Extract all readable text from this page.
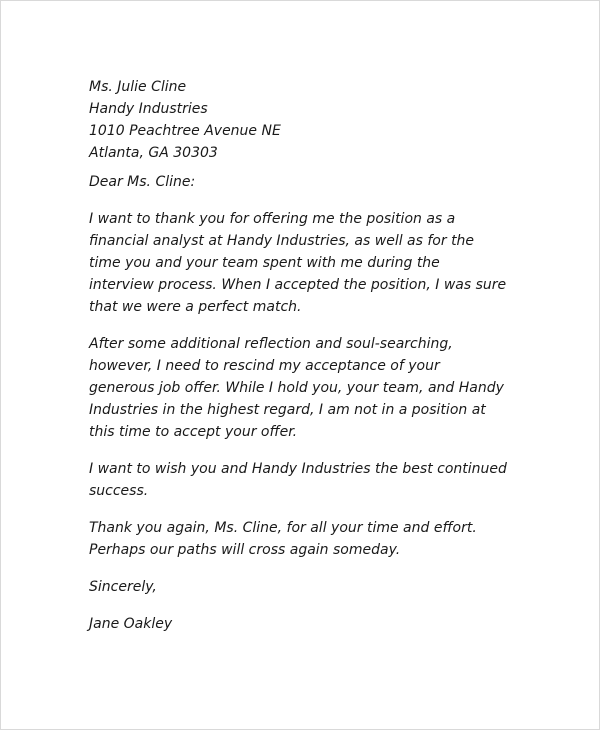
Ms. Julie Cline
Handy Industries
1010 Peachtree Avenue NE
Atlanta, GA 30303
Dear Ms. Cline:
I want to thank you for offering me the position as a
financial analyst at Handy Industries, as well as for the
time you and your team spent with me during the
interview process. When I accepted the position, I was sure
that we were a perfect match.
After some additional reflection and soul-searching,
however, I need to rescind my acceptance of your
generous job offer. While I hold you, your team, and Handy
Industries in the highest regard, I am not in a position at
this time to accept your offer.
I want to wish you and Handy Industries the best continued
success.
Thank you again, Ms. Cline, for all your time and effort.
Perhaps our paths will cross again someday.
Sincerely,
Jane Oakley
